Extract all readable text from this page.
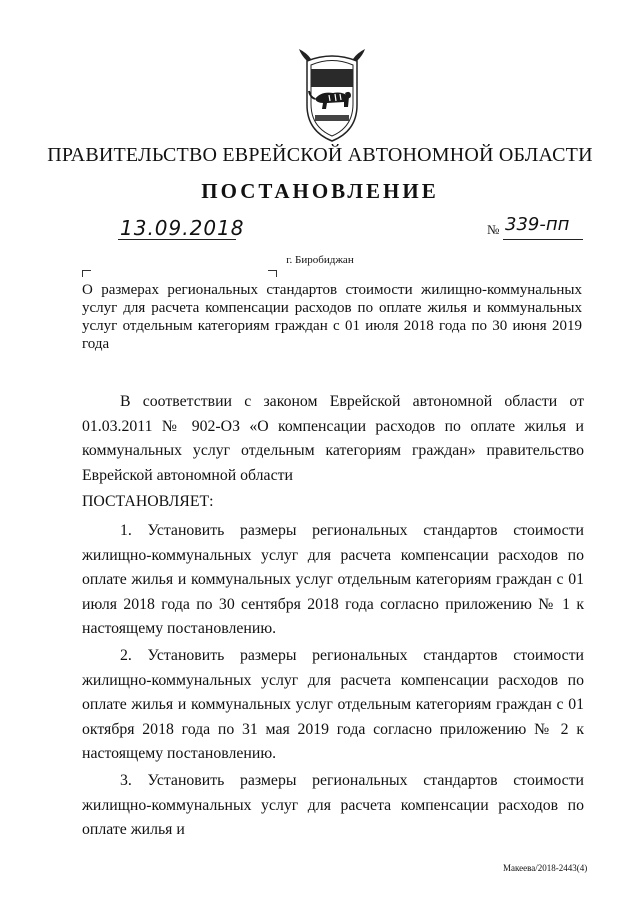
ПРАВИТЕЛЬСТВО ЕВРЕЙСКОЙ АВТОНОМНОЙ ОБЛАСТИ
ПОСТАНОВЛЕНИЕ
13.09.2018	№ 339-пп
г. Биробиджан
О размерах региональных стандартов стоимости жилищно-коммунальных услуг для расчета компенсации расходов по оплате жилья и коммунальных услуг отдельным категориям граждан с 01 июля 2018 года по 30 июня 2019 года

В соответствии с законом Еврейской автономной области от 01.03.2011 № 902-ОЗ «О компенсации расходов по оплате жилья и коммунальных услуг отдельным категориям граждан» правительство Еврейской автономной области

ПОСТАНОВЛЯЕТ:

1. Установить размеры региональных стандартов стоимости жилищно-коммунальных услуг для расчета компенсации расходов по оплате жилья и коммунальных услуг отдельным категориям граждан с 01 июля 2018 года по 30 сентября 2018 года согласно приложению № 1 к настоящему постановлению.

2. Установить размеры региональных стандартов стоимости жилищно-коммунальных услуг для расчета компенсации расходов по оплате жилья и коммунальных услуг отдельным категориям граждан с 01 октября 2018 года по 31 мая 2019 года согласно приложению № 2 к настоящему постановлению.

3. Установить размеры региональных стандартов стоимости жилищно-коммунальных услуг для расчета компенсации расходов по оплате жилья и

Макеева/2018-2443(4)
